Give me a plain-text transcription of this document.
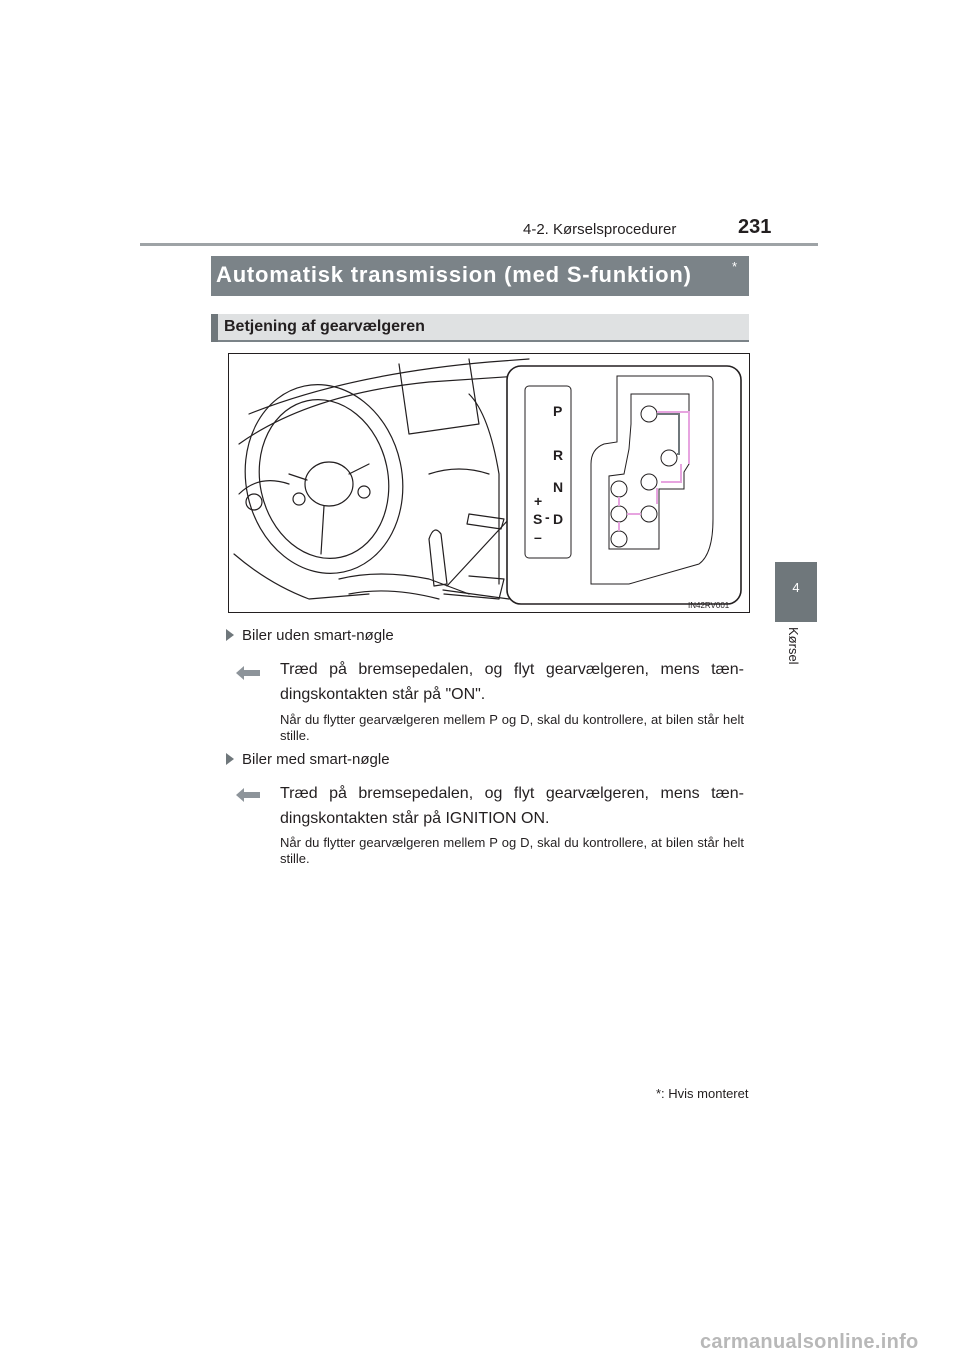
4-2. Kørselsprocedurer	231
4
Kørsel
Automatisk transmission (med S-funktion)	*
Betjening af gearvælgeren
P
R
N
D
+
S -
–
IN42RV001
Biler uden smart-nøgle
Træd på bremsepedalen, og flyt gearvælgeren, mens tæn-dingskontakten står på "ON".
Når du flytter gearvælgeren mellem P og D, skal du kontrollere, at bilen står helt stille.
Biler med smart-nøgle
Træd på bremsepedalen, og flyt gearvælgeren, mens tæn-dingskontakten står på IGNITION ON.
Når du flytter gearvælgeren mellem P og D, skal du kontrollere, at bilen står helt stille.
*: Hvis monteret
carmanualsonline.info
